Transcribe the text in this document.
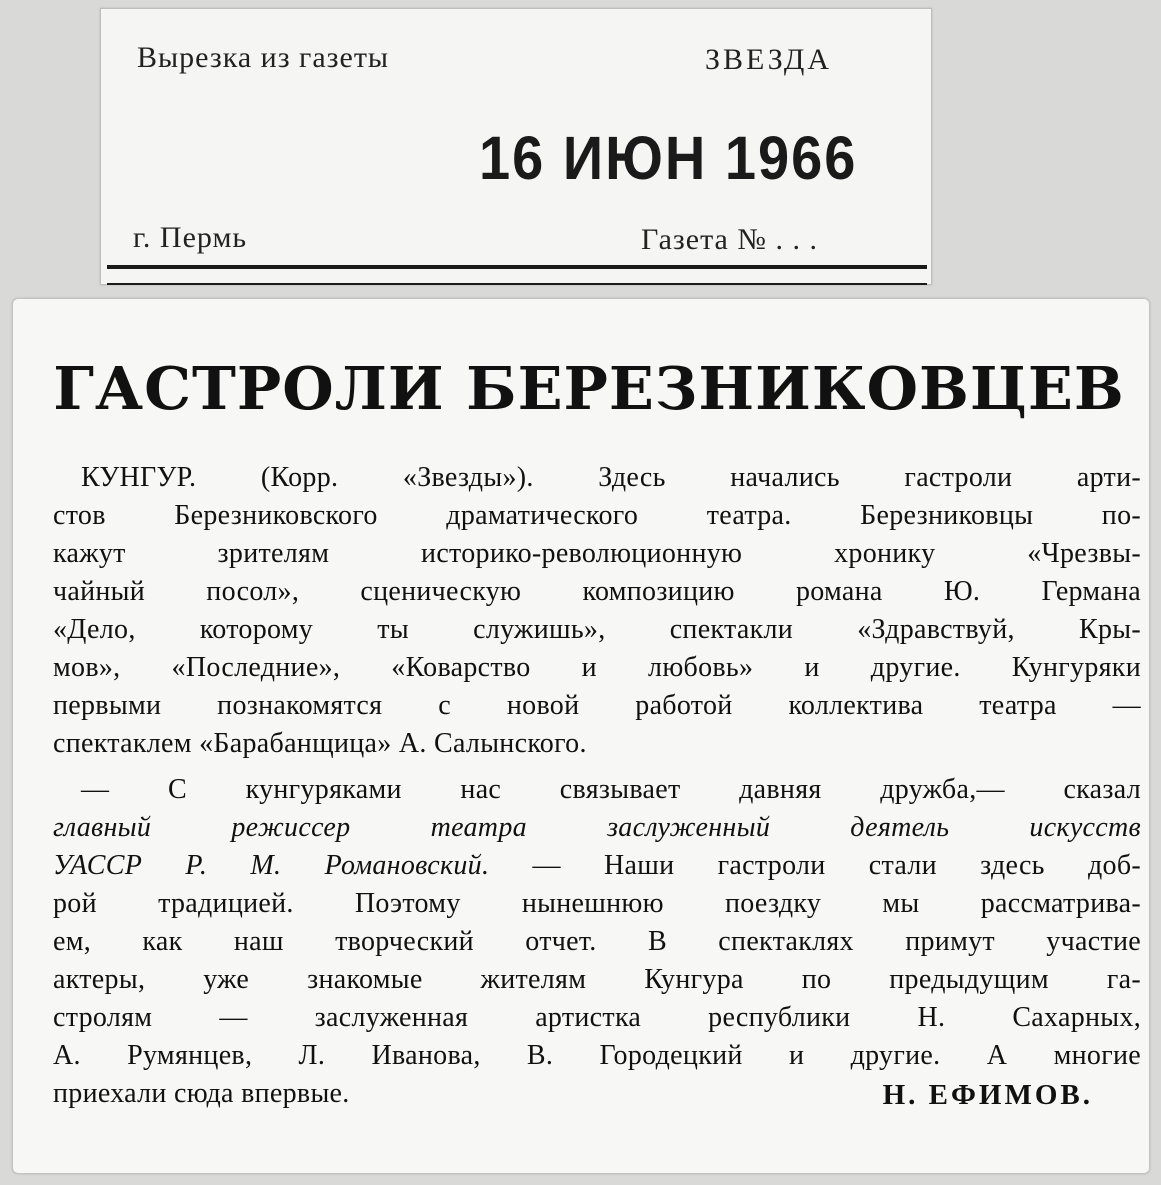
Вырезка из газеты	ЗВЕЗДА
16 ИЮН 1966
г. Пермь	Газета № . . .
ГАСТРОЛИ БЕРЕЗНИКОВЦЕВ

КУНГУР. (Корр. «Звезды»). Здесь начались гастроли арти-
стов Березниковского драматического театра. Березниковцы по-
кажут зрителям историко-революционную хронику «Чрезвы-
чайный посол», сценическую композицию романа Ю. Германа
«Дело, которому ты служишь», спектакли «Здравствуй, Кры-
мов», «Последние», «Коварство и любовь» и другие. Кунгуряки
первыми познакомятся с новой работой коллектива театра —
спектаклем «Барабанщица» А. Салынского.

— С кунгуряками нас связывает давняя дружба,— сказал
главный режиссер театра заслуженный деятель искусств
УАССР Р. М. Романовский. — Наши гастроли стали здесь доб-
рой традицией. Поэтому нынешнюю поездку мы рассматрива-
ем, как наш творческий отчет. В спектаклях примут участие
актеры, уже знакомые жителям Кунгура по предыдущим га-
стролям — заслуженная артистка республики Н. Сахарных,
А. Румянцев, Л. Иванова, В. Городецкий и другие. А многие
приехали сюда впервые.	Н. ЕФИМОВ.
